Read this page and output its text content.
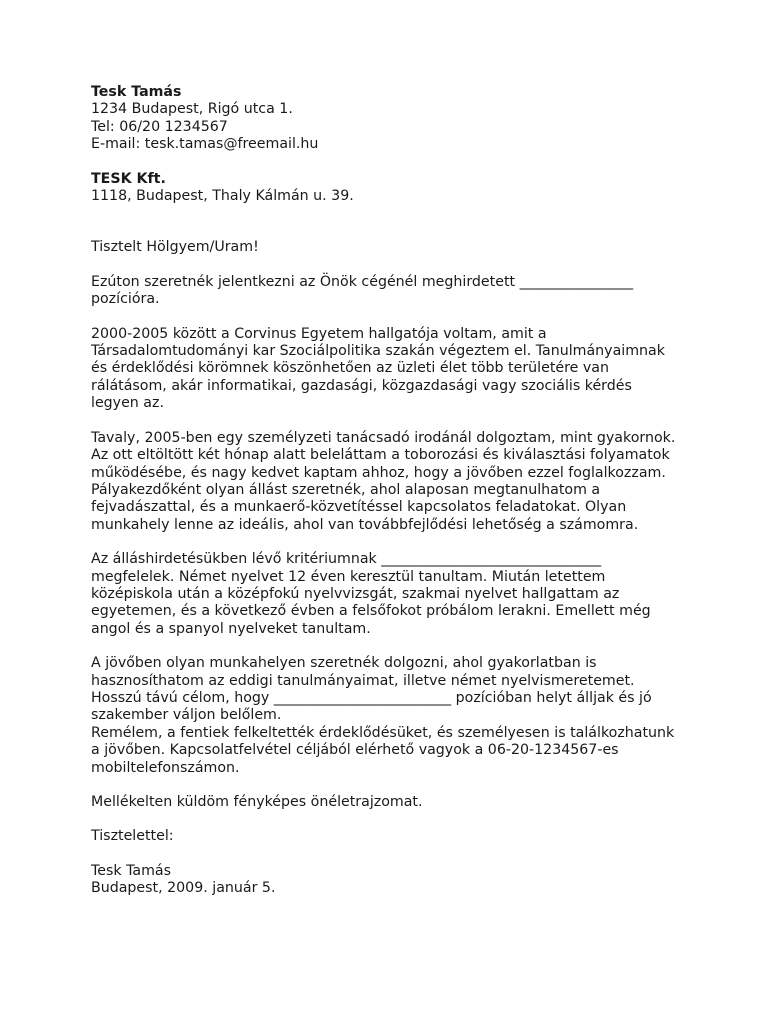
Tesk Tamás
1234 Budapest, Rigó utca 1.
Tel: 06/20 1234567
E-mail: tesk.tamas@freemail.hu
TESK Kft.
1118, Budapest, Thaly Kálmán u. 39.
Tisztelt Hölgyem/Uram!
Ezúton szeretnék jelentkezni az Önök cégénél meghirdetett ________________
pozícióra.
2000-2005 között a Corvinus Egyetem hallgatója voltam, amit a
Társadalomtudományi kar Szociálpolitika szakán végeztem el. Tanulmányaimnak
és érdeklődési körömnek köszönhetően az üzleti élet több területére van
rálátásom, akár informatikai, gazdasági, közgazdasági vagy szociális kérdés
legyen az.
Tavaly, 2005-ben egy személyzeti tanácsadó irodánál dolgoztam, mint gyakornok.
Az ott eltöltött két hónap alatt beleláttam a toborozási és kiválasztási folyamatok
működésébe, és nagy kedvet kaptam ahhoz, hogy a jövőben ezzel foglalkozzam.
Pályakezdőként olyan állást szeretnék, ahol alaposan megtanulhatom a
fejvadászattal, és a munkaerő-közvetítéssel kapcsolatos feladatokat. Olyan
munkahely lenne az ideális, ahol van továbbfejlődési lehetőség a számomra.
Az álláshirdetésükben lévő kritériumnak _______________________________
megfelelek. Német nyelvet 12 éven keresztül tanultam. Miután letettem
középiskola után a középfokú nyelvvizsgát, szakmai nyelvet hallgattam az
egyetemen, és a következő évben a felsőfokot próbálom lerakni. Emellett még
angol és a spanyol nyelveket tanultam.
A jövőben olyan munkahelyen szeretnék dolgozni, ahol gyakorlatban is
hasznosíthatom az eddigi tanulmányaimat, illetve német nyelvismeretemet.
Hosszú távú célom, hogy _________________________ pozícióban helyt álljak és jó
szakember váljon belőlem.
Remélem, a fentiek felkeltették érdeklődésüket, és személyesen is találkozhatunk
a jövőben. Kapcsolatfelvétel céljából elérhető vagyok a 06-20-1234567-es
mobiltelefonszámon.
Mellékelten küldöm fényképes önéletrajzomat.
Tisztelettel:
Tesk Tamás
Budapest, 2009. január 5.
